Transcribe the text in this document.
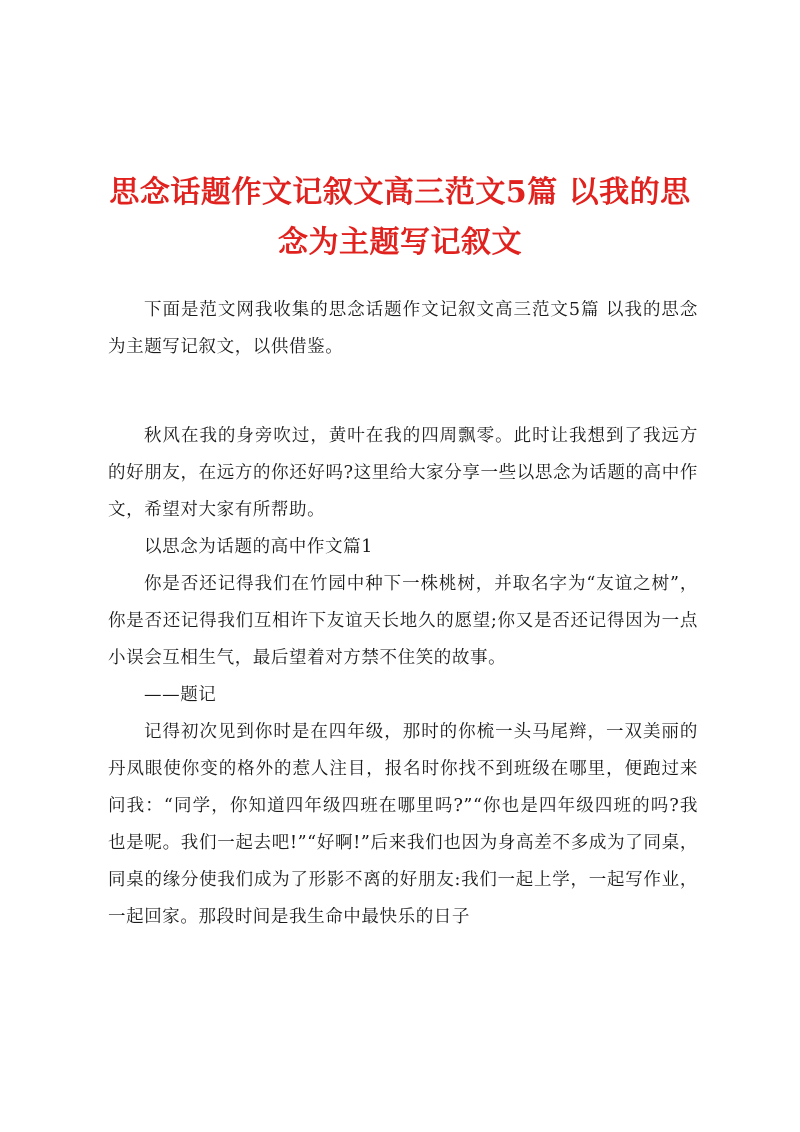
思念话题作文记叙文高三范文5篇 以我的思念为主题写记叙文

下面是范文网我收集的思念话题作文记叙文高三范文5篇 以我的思念为主题写记叙文，以供借鉴。

秋风在我的身旁吹过，黄叶在我的四周飘零。此时让我想到了我远方的好朋友，在远方的你还好吗?这里给大家分享一些以思念为话题的高中作文，希望对大家有所帮助。

以思念为话题的高中作文篇1

你是否还记得我们在竹园中种下一株桃树，并取名字为“友谊之树”，你是否还记得我们互相许下友谊天长地久的愿望;你又是否还记得因为一点小误会互相生气，最后望着对方禁不住笑的故事。

——题记

记得初次见到你时是在四年级，那时的你梳一头马尾辫，一双美丽的丹凤眼使你变的格外的惹人注目，报名时你找不到班级在哪里，便跑过来问我：“同学，你知道四年级四班在哪里吗?”“你也是四年级四班的吗?我也是呢。我们一起去吧!”“好啊!”后来我们也因为身高差不多成为了同桌，同桌的缘分使我们成为了形影不离的好朋友:我们一起上学，一起写作业，一起回家。那段时间是我生命中最快乐的日子
